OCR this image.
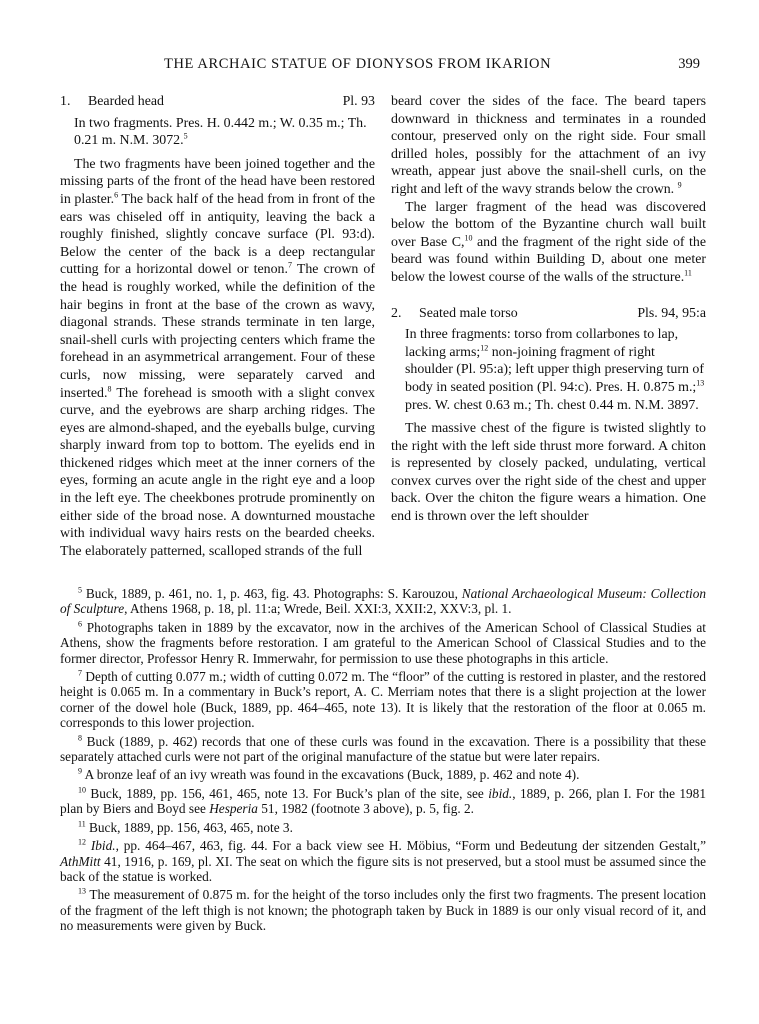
THE ARCHAIC STATUE OF DIONYSOS FROM IKARION	399
1. Bearded head	Pl. 93

In two fragments. Pres. H. 0.442 m.; W. 0.35 m.; Th. 0.21 m. N.M. 3072.$^5$

The two fragments have been joined together and the missing parts of the front of the head have been restored in plaster.$^6$ The back half of the head from in front of the ears was chiseled off in antiquity, leaving the back a roughly finished, slightly concave surface (Pl. 93:d). Below the center of the back is a deep rectangular cutting for a horizontal dowel or tenon.$^7$ The crown of the head is roughly worked, while the definition of the hair begins in front at the base of the crown as wavy, diagonal strands. These strands terminate in ten large, snail-shell curls with projecting centers which frame the forehead in an asymmetrical arrangement. Four of these curls, now missing, were separately carved and inserted.$^8$ The forehead is smooth with a slight convex curve, and the eyebrows are sharp arching ridges. The eyes are almond-shaped, and the eyeballs bulge, curving sharply inward from top to bottom. The eyelids end in thickened ridges which meet at the inner corners of the eyes, forming an acute angle in the right eye and a loop in the left eye. The cheekbones protrude prominently on either side of the broad nose. A downturned moustache with individual wavy hairs rests on the bearded cheeks. The elaborately patterned, scalloped strands of the full

beard cover the sides of the face. The beard tapers downward in thickness and terminates in a rounded contour, preserved only on the right side. Four small drilled holes, possibly for the attachment of an ivy wreath, appear just above the snail-shell curls, on the right and left of the wavy strands below the crown. $^9$

The larger fragment of the head was discovered below the bottom of the Byzantine church wall built over Base C,$^{10}$ and the fragment of the right side of the beard was found within Building D, about one meter below the lowest course of the walls of the structure.$^{11}$

2. Seated male torso	Pls. 94, 95:a

In three fragments: torso from collarbones to lap, lacking arms;$^{12}$ non-joining fragment of right shoulder (Pl. 95:a); left upper thigh preserving turn of body in seated position (Pl. 94:c). Pres. H. 0.875 m.;$^{13}$ pres. W. chest 0.63 m.; Th. chest 0.44 m. N.M. 3897.

The massive chest of the figure is twisted slightly to the right with the left side thrust more forward. A chiton is represented by closely packed, undulating, vertical convex curves over the right side of the chest and upper back. Over the chiton the figure wears a himation. One end is thrown over the left shoulder

$^5$ Buck, 1889, p. 461, no. 1, p. 463, fig. 43. Photographs: S. Karouzou, National Archaeological Museum: Collection of Sculpture, Athens 1968, p. 18, pl. 11:a; Wrede, Beil. XXI:3, XXII:2, XXV:3, pl. 1.

$^6$ Photographs taken in 1889 by the excavator, now in the archives of the American School of Classical Studies at Athens, show the fragments before restoration. I am grateful to the American School of Classical Studies and to the former director, Professor Henry R. Immerwahr, for permission to use these photographs in this article.

$^7$ Depth of cutting 0.077 m.; width of cutting 0.072 m. The “floor” of the cutting is restored in plaster, and the restored height is 0.065 m. In a commentary in Buck’s report, A. C. Merriam notes that there is a slight projection at the lower corner of the dowel hole (Buck, 1889, pp. 464–465, note 13). It is likely that the restoration of the floor at 0.065 m. corresponds to this lower projection.

$^8$ Buck (1889, p. 462) records that one of these curls was found in the excavation. There is a possibility that these separately attached curls were not part of the original manufacture of the statue but were later repairs.

$^9$ A bronze leaf of an ivy wreath was found in the excavations (Buck, 1889, p. 462 and note 4).

$^{10}$ Buck, 1889, pp. 156, 461, 465, note 13. For Buck’s plan of the site, see ibid., 1889, p. 266, plan I. For the 1981 plan by Biers and Boyd see Hesperia 51, 1982 (footnote 3 above), p. 5, fig. 2.

$^{11}$ Buck, 1889, pp. 156, 463, 465, note 3.

$^{12}$ Ibid., pp. 464–467, 463, fig. 44. For a back view see H. Möbius, “Form und Bedeutung der sitzenden Gestalt,” AthMitt 41, 1916, p. 169, pl. XI. The seat on which the figure sits is not preserved, but a stool must be assumed since the back of the statue is worked.

$^{13}$ The measurement of 0.875 m. for the height of the torso includes only the first two fragments. The present location of the fragment of the left thigh is not known; the photograph taken by Buck in 1889 is our only visual record of it, and no measurements were given by Buck.
